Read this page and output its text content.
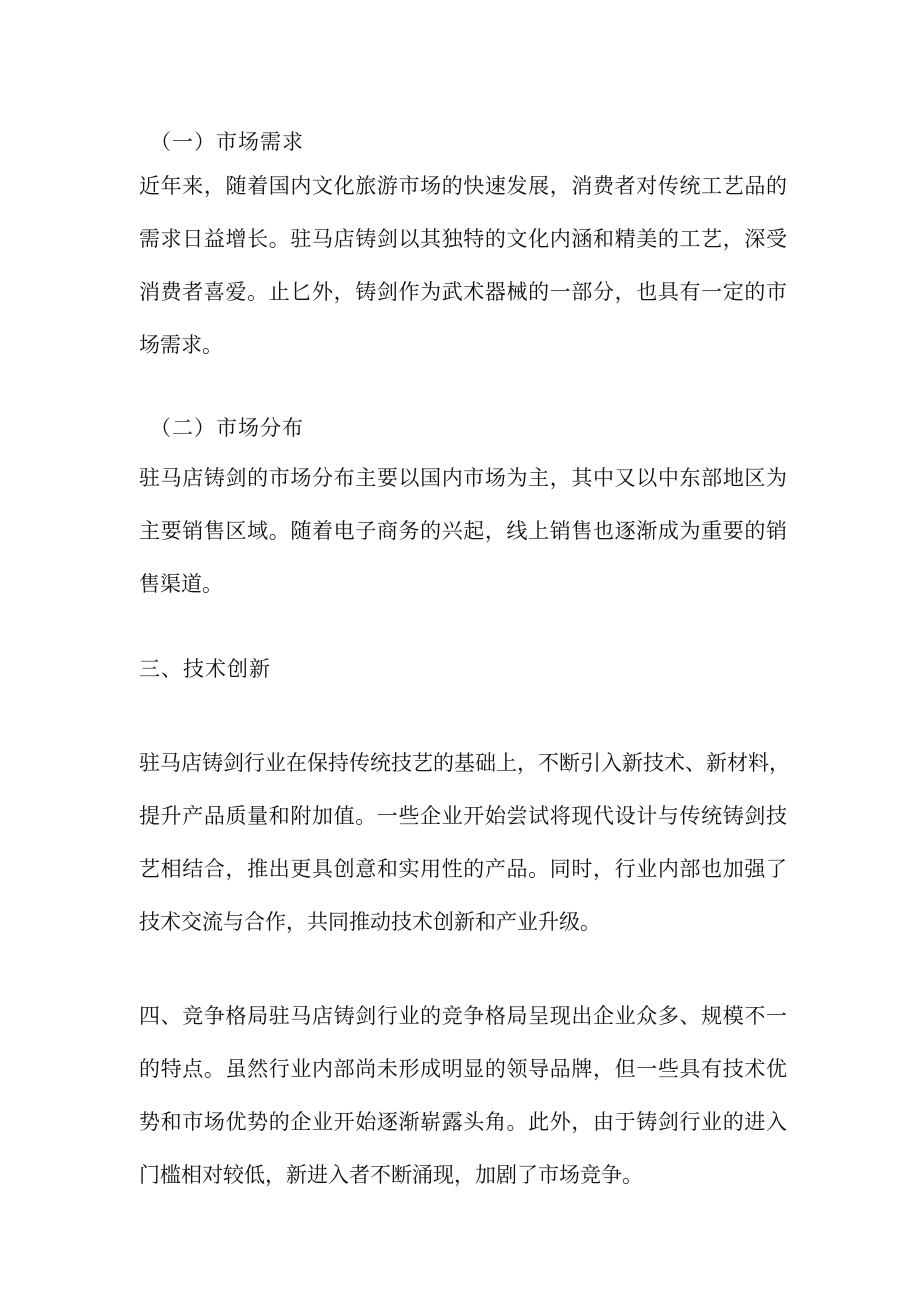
（一）市场需求
近年来，随着国内文化旅游市场的快速发展，消费者对传统工艺品的
需求日益增长。驻马店铸剑以其独特的文化内涵和精美的工艺，深受
消费者喜爱。止匕外，铸剑作为武术器械的一部分，也具有一定的市
场需求。
（二）市场分布
驻马店铸剑的市场分布主要以国内市场为主，其中又以中东部地区为
主要销售区域。随着电子商务的兴起，线上销售也逐渐成为重要的销
售渠道。
三、技术创新
驻马店铸剑行业在保持传统技艺的基础上，不断引入新技术、新材料，
提升产品质量和附加值。一些企业开始尝试将现代设计与传统铸剑技
艺相结合，推出更具创意和实用性的产品。同时，行业内部也加强了
技术交流与合作，共同推动技术创新和产业升级。
四、竞争格局驻马店铸剑行业的竞争格局呈现出企业众多、规模不一
的特点。虽然行业内部尚未形成明显的领导品牌，但一些具有技术优
势和市场优势的企业开始逐渐崭露头角。此外，由于铸剑行业的进入
门槛相对较低，新进入者不断涌现，加剧了市场竞争。
